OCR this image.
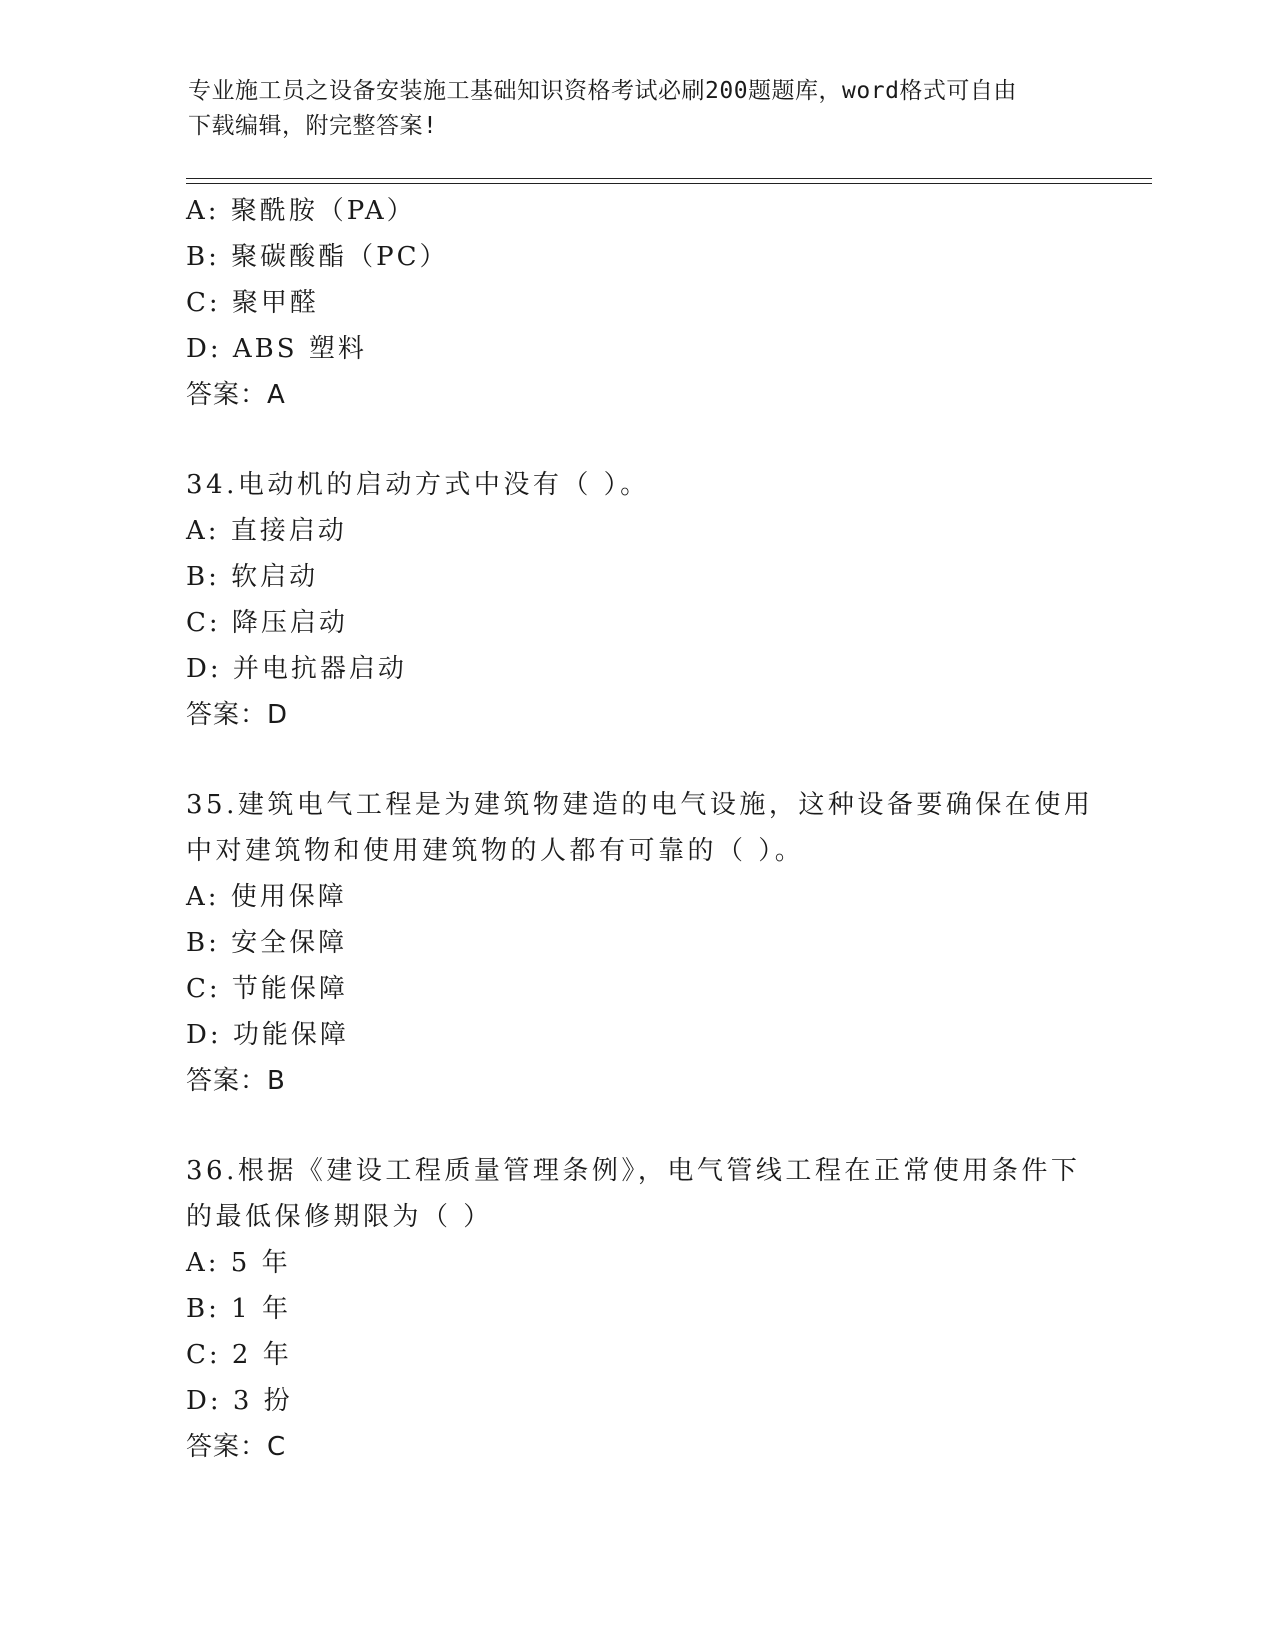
专业施工员之设备安装施工基础知识资格考试必刷200题题库，word格式可自由
下载编辑，附完整答案!
A: 聚酰胺（PA）
B: 聚碳酸酯（PC）
C: 聚甲醛
D: ABS 塑料
答案：A
34.电动机的启动方式中没有（ ）。
A: 直接启动
B: 软启动
C: 降压启动
D: 并电抗器启动
答案：D
35.建筑电气工程是为建筑物建造的电气设施，这种设备要确保在使用
中对建筑物和使用建筑物的人都有可靠的（ ）。
A: 使用保障
B: 安全保障
C: 节能保障
D: 功能保障
答案：B
36.根据《建设工程质量管理条例》，电气管线工程在正常使用条件下
的最低保修期限为（ ）
A: 5 年
B: 1 年
C: 2 年
D: 3 扮
答案：C
